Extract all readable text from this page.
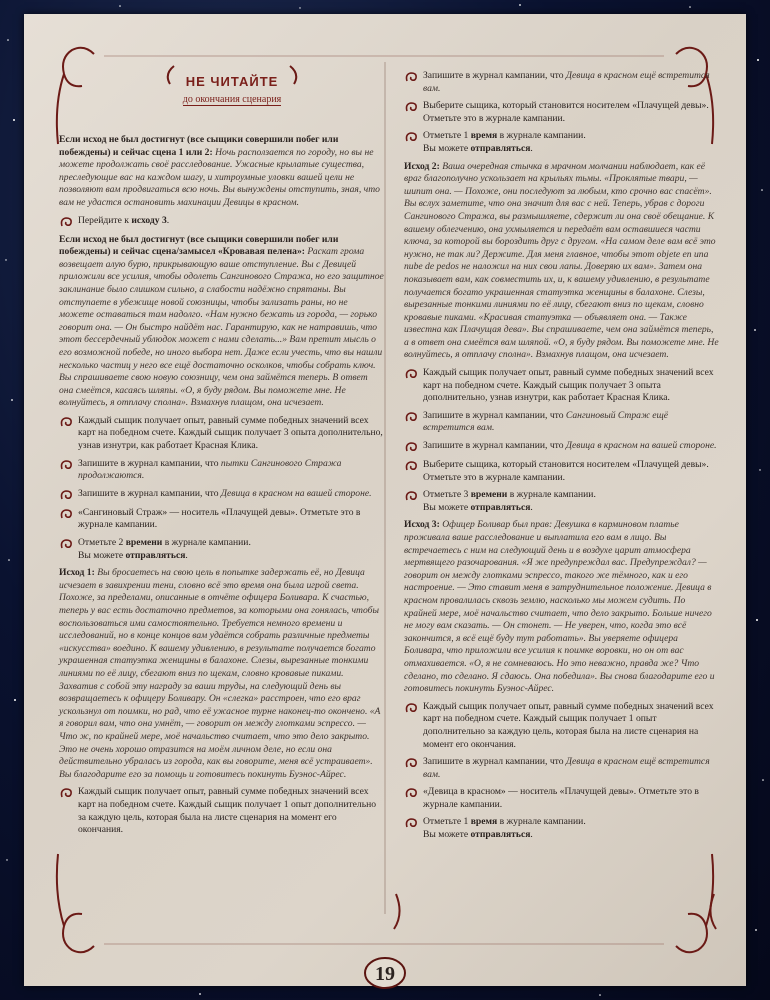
НЕ ЧИТАЙТЕ
до окончания сценария

Если исход не был достигнут (все сыщики совершили побег или побеждены) и сейчас сцена 1 или 2: Ночь расползается по городу, но вы не можете продолжать своё расследование. Ужасные крылатые существа, преследующие вас на каждом шагу, и хитроумные уловки вашей цели не позволяют вам продвигаться всю ночь. Вы вынуждены отступить, зная, что вам не удастся остановить махинации Девицы в красном.

Перейдите к исходу 3.

Если исход не был достигнут (все сыщики совершили побег или побеждены) и сейчас сцена/замысел «Кровавая пелена»: Раскат грома возвещает алую бурю, прикрывающую ваше отступление. Вы с Девицей приложили все усилия, чтобы одолеть Сангинового Стража, но его защитное заклинание было слишком сильно, а слабости надёжно спрятаны. Вы отступаете в убежище новой союзницы, чтобы зализать раны, но не можете оставаться там надолго. «Нам нужно бежать из города, — горько говорит она. — Он быстро найдёт нас. Гарантирую, как не натравишь, что этот бессердечный ублюдок может с нами сделать...» Вам претит мысль о его возможной победе, но иного выбора нет. Даже если учесть, что вы нашли несколько частиц у него все ещё достаточно осколков, чтобы собрать ключ. Вы спрашиваете свою новую союзницу, чем она займётся теперь. В ответ она смеётся, касаясь шляпы. «О, я буду рядом. Вы поможете мне. Не волнуйтесь, я отплачу сполна». Взмахнув плащом, она исчезает.

Каждый сыщик получает опыт, равный сумме победных значений всех карт на победном счете. Каждый сыщик получает 3 опыта дополнительно, узнав изнутри, как работает Красная Клика.
Запишите в журнал кампании, что пытки Сангинового Стража продолжаются.
Запишите в журнал кампании, что Девица в красном на вашей стороне.
«Сангиновый Страж» — носитель «Плачущей девы». Отметьте это в журнале кампании.
Отметьте 2 времени в журнале кампании.
Вы можете отправляться.

Исход 1: Вы бросаетесь на свою цель в попытке задержать её, но Девица исчезает в завихрении тени, словно всё это время она была игрой света. Похоже, за пределами, описанные в отчёте офицера Боливара. К счастью, теперь у вас есть достаточно предметов, за которыми она гонялась, чтобы воспользоваться ими самостоятельно. Требуется немного времени и исследований, но в конце концов вам удаётся собрать различные предметы «искусства» воедино. К вашему удивлению, в результате получается богато украшенная статуэтка женщины в балахоне. Слезы, вырезанные тонкими линиями по её лицу, сбегают вниз по щекам, словно кровавые пиками. Захватив с собой эту награду за ваши труды, на следующий день вы возвращаетесь к офицеру Боливару. Он «слегка» расстроен, что его враг ускользнул от поимки, но рад, что её ужасное турне наконец-то окончено. «А я говорил вам, что она умнёт, — говорит он между глотками эспрессо. — Что ж, по крайней мере, моё начальство считает, что это дело закрыто. Это не очень хорошо отразится на моём личном деле, но если она действительно убралась из города, как вы говорите, меня всё устраивает». Вы благодарите его за помощь и готовитесь покинуть Буэнос-Айрес.

Каждый сыщик получает опыт, равный сумме победных значений всех карт на победном счете. Каждый сыщик получает 1 опыт дополнительно за каждую цель, которая была на листе сценария на момент его окончания.
Запишите в журнал кампании, что Девица в красном ещё встретится вам.
Выберите сыщика, который становится носителем «Плачущей девы». Отметьте это в журнале кампании.
Отметьте 1 время в журнале кампании.
Вы можете отправляться.

Исход 2: Ваша очередная стычка в мрачном молчании наблюдает, как её враг благополучно ускользает на крыльях тьмы. «Проклятые твари, — шипит она. — Похоже, они последуют за любым, кто срочно вас спасёт». Вы вслух заметите, что она значит для вас с ней. Теперь, убрав с дороги Сангинового Стража, вы размышляете, сдержит ли она своё обещание. К вашему облегчению, она ухмыляется и передаёт вам оставшиеся части ключа, за которой вы бороздить друг с другом. «На самом деле вам всё это нужно, не так ли? Держите. Для меня главное, чтобы этот objete en una nube de pedos не наложил на них свои лапы. Доверяю их вам». Затем она показывает вам, как совместить их, и, к вашему удивлению, в результате получается богато украшенная статуэтка женщины в балахоне. Слезы, вырезанные тонкими линиями по её лицу, сбегают вниз по щекам, словно кровавые пиками. «Красивая статуэтка — объявляет она. — Также известна как Плачущая дева». Вы спрашиваете, чем она займётся теперь, а в ответ она смеётся вам шляпой. «О, я буду рядом. Вы поможете мне. Не волнуйтесь, я отплачу сполна». Взмахнув плащом, она исчезает.

Каждый сыщик получает опыт, равный сумме победных значений всех карт на победном счете. Каждый сыщик получает 3 опыта дополнительно, узнав изнутри, как работает Красная Клика.
Запишите в журнал кампании, что Сангиновый Страж ещё встретится вам.
Запишите в журнал кампании, что Девица в красном на вашей стороне.
Выберите сыщика, который становится носителем «Плачущей девы». Отметьте это в журнале кампании.
Отметьте 3 времени в журнале кампании.
Вы можете отправляться.

Исход 3: Офицер Боливар был прав: Девушка в карминовом платье проживала ваше расследование и выплатила его вам в лицо. Вы встречаетесь с ним на следующий день и в воздухе царит атмосфера мертвящего разочарования. «Я же предупреждал вас. Предупреждал? — говорит он между глотками эспрессо, такого же тёмного, как и его настроение. — Это ставит меня в затруднительное положение. Девица в красном провалилась сквозь землю, насколько мы можем судить. По крайней мере, моё начальство считает, что дело закрыто. Больше ничего не могу вам сказать. — Он стонет. — Не уверен, что, когда это всё закончится, я всё ещё буду тут работать». Вы уверяете офицера Боливара, что приложили все усилия к поимке воровки, но он от вас отмахивается. «О, я не сомневаюсь. Но это неважно, правда же? Что сделано, то сделано. Я сдаюсь. Она победила». Вы снова благодарите его и готовитесь покинуть Буэнос-Айрес.

Каждый сыщик получает опыт, равный сумме победных значений всех карт на победном счете. Каждый сыщик получает 1 опыт дополнительно за каждую цель, которая была на листе сценария на момент его окончания.
Запишите в журнал кампании, что Девица в красном ещё встретится вам.
«Девица в красном» — носитель «Плачущей девы». Отметьте это в журнале кампании.
Отметьте 1 время в журнале кампании.
Вы можете отправляться.
19
